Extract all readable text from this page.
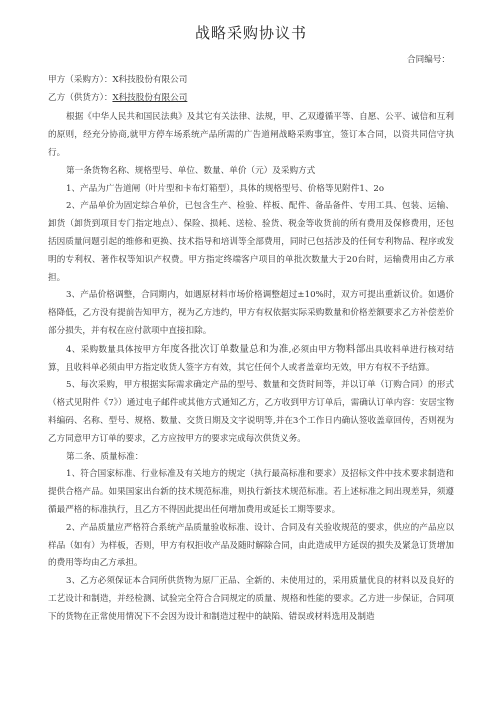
战略采购协议书
合同编号：
甲方（采购方）：X科技股份有限公司
乙方（供货方）：X科技股份有限公司

根据《中华人民共和国民法典》及其它有关法律、法规，甲、乙双遵循平等、自愿、公平、诚信和互利的原则，经充分协商,就甲方停车场系统产品所需的广告道闸战略采购事宜，签订本合同，以资共同信守执行。

第一条货物名称、规格型号、单位、数量、单价（元）及采购方式

1、产品为广告道闸（叶片型和卡布灯箱型），具体的规格型号、价格等见附件1、2o

2、产品单价为固定综合单价，已包含生产、检验、样板、配件、备品备件、专用工具、包装、运输、卸货（卸货到项目专门指定地点）、保险、损耗、送检、验货、税金等收货前的所有费用及保修费用，还包括因质量问题引起的维修和更换、技术指导和培训等全部费用，同时已包括涉及的任何专利物品、程序或发明的专利权、著作权等知识产权费。甲方指定终端客户项目的单批次数量大于20台时，运输费用由乙方承担。

3、产品价格调整，合同期内，如遇原材料市场价格调整超过±10%时，双方可提出重新议价。如遇价格降低，乙方没有提前告知甲方，视为乙方违约，甲方有权依据实际采购数量和价格差额要求乙方补偿差价部分损失，并有权在应付款项中直接扣除。

4、采购数量具体按甲方年度各批次订单数量总和为准,必须由甲方物料部出具收料单进行核对结算，且收料单必须由甲方指定收货人签字方有效，其它任何个人或者盖章均无效，甲方有权不予结算。

5、每次采购，甲方根据实际需求确定产品的型号、数量和交货时间等，并以订单（订购合同）的形式（格式见附件《7》）通过电子邮件或其他方式通知乙方，乙方收到甲方订单后，需确认订单内容：安居宝物料编码、名称、型号、规格、数量、交货日期及文字说明等,并在3个工作日内确认签收盖章回传，否则视为乙方同意甲方订单的要求，乙方应按甲方的要求完成每次供货义务。

第二条、质量标准：

1、符合国家标准、行业标准及有关地方的规定（执行最高标准和要求）及招标文件中技术要求制造和提供合格产品。如果国家出台新的技术规范标准，则执行新技术规范标准。若上述标准之间出现差异，须遵循最严格的标准执行，且乙方不得因此提出任何增加费用或延长工期等要求。

2、产品质量应严格符合系统产品质量验收标准、设计、合同及有关验收规范的要求，供应的产品应以样品（如有）为样板，否则，甲方有权拒收产品及随时解除合同，由此造成甲方延误的损失及紧急订货增加的费用等均由乙方承担。

3、乙方必须保证本合同所供货物为原厂正品、全新的、未使用过的，采用质量优良的材料以及良好的工艺设计和制造，并经检测、试验完全符合合同规定的质量、规格和性能的要求。乙方进一步保证，合同项下的货物在正常使用情况下不会因为设计和制造过程中的缺陷、错误或材料选用及制造
